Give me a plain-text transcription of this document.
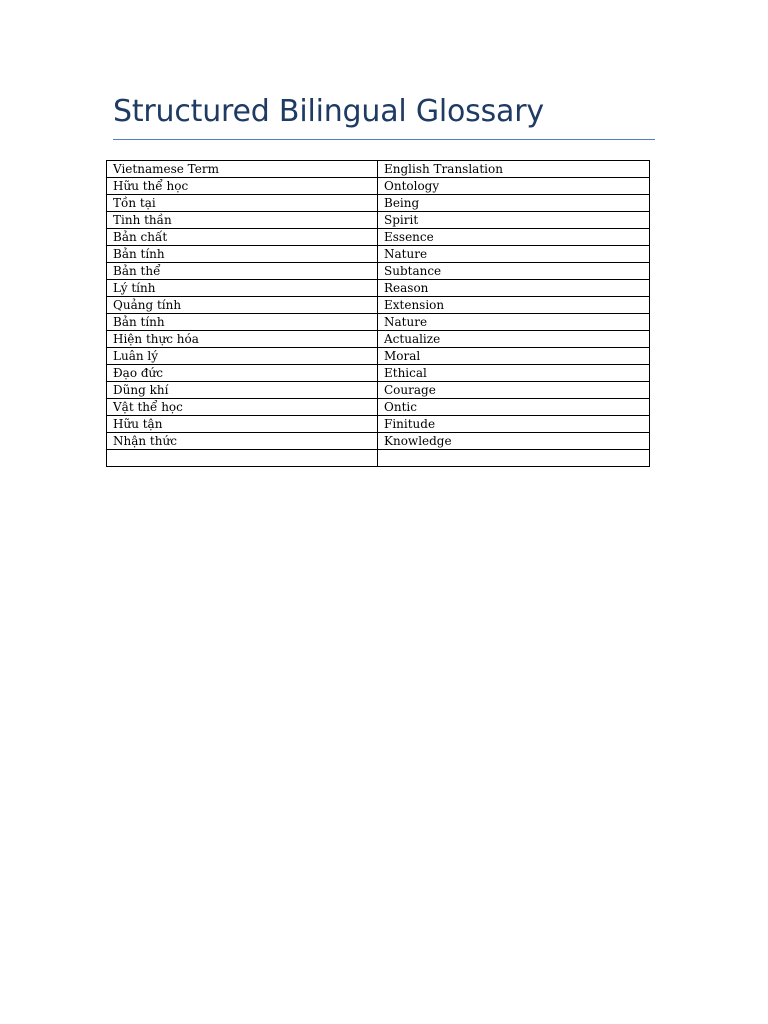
Structured Bilingual Glossary
Vietnamese Term	English Translation
Hữu thể học	Ontology
Tồn tại	Being
Tinh thần	Spirit
Bản chất	Essence
Bản tính	Nature
Bản thể	Subtance
Lý tính	Reason
Quảng tính	Extension
Bản tính	Nature
Hiện thực hóa	Actualize
Luân lý	Moral
Đạo đức	Ethical
Dũng khí	Courage
Vật thể học	Ontic
Hữu tận	Finitude
Nhận thức	Knowledge
